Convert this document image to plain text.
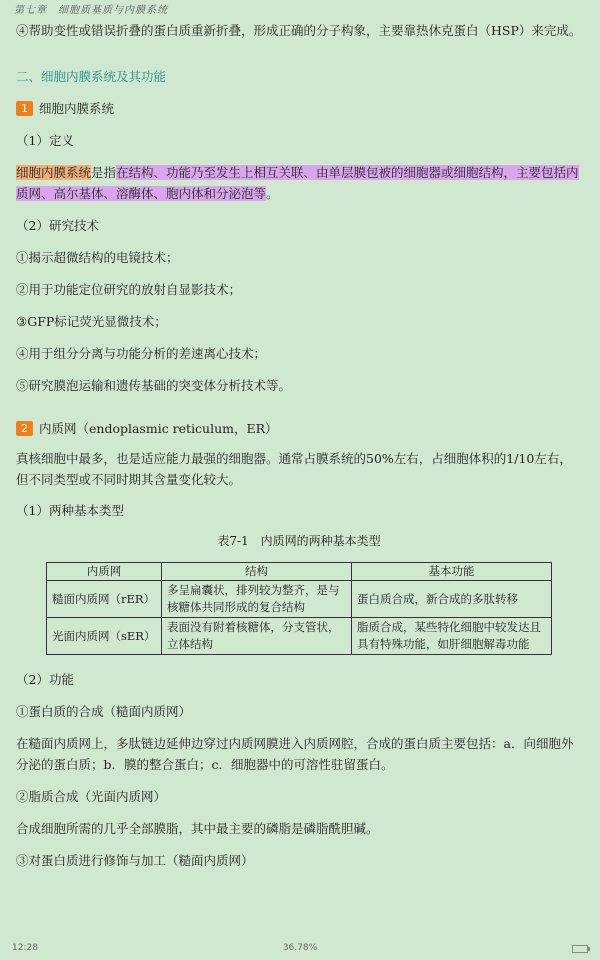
第七章　细胞质基质与内膜系统

④帮助变性或错误折叠的蛋白质重新折叠，形成正确的分子构象，主要靠热休克蛋白（HSP）来完成。

二、细胞内膜系统及其功能

1 细胞内膜系统

（1）定义

细胞内膜系统是指在结构、功能乃至发生上相互关联、由单层膜包被的细胞器或细胞结构，主要包括内质网、高尔基体、溶酶体、胞内体和分泌泡等。

（2）研究技术

①揭示超微结构的电镜技术；

②用于功能定位研究的放射自显影技术；

③GFP标记荧光显微技术；

④用于组分分离与功能分析的差速离心技术；

⑤研究膜泡运输和遗传基础的突变体分析技术等。

2 内质网（endoplasmic reticulum，ER）

真核细胞中最多，也是适应能力最强的细胞器。通常占膜系统的50%左右，占细胞体积的1/10左右，但不同类型或不同时期其含量变化较大。

（1）两种基本类型

表7-1　内质网的两种基本类型

内质网	结构	基本功能
糙面内质网（rER）	多呈扁囊状，排列较为整齐，是与核糖体共同形成的复合结构	蛋白质合成，新合成的多肽转移
光面内质网（sER）	表面没有附着核糖体，分支管状，立体结构	脂质合成，某些特化细胞中较发达且具有特殊功能，如肝细胞解毒功能

（2）功能

①蛋白质的合成（糙面内质网）

在糙面内质网上，多肽链边延伸边穿过内质网膜进入内质网腔，合成的蛋白质主要包括：a．向细胞外分泌的蛋白质；b．膜的整合蛋白；c．细胞器中的可溶性驻留蛋白。

②脂质合成（光面内质网）

合成细胞所需的几乎全部膜脂，其中最主要的磷脂是磷脂酰胆碱。

③对蛋白质进行修饰与加工（糙面内质网）

12:28	36.78%
